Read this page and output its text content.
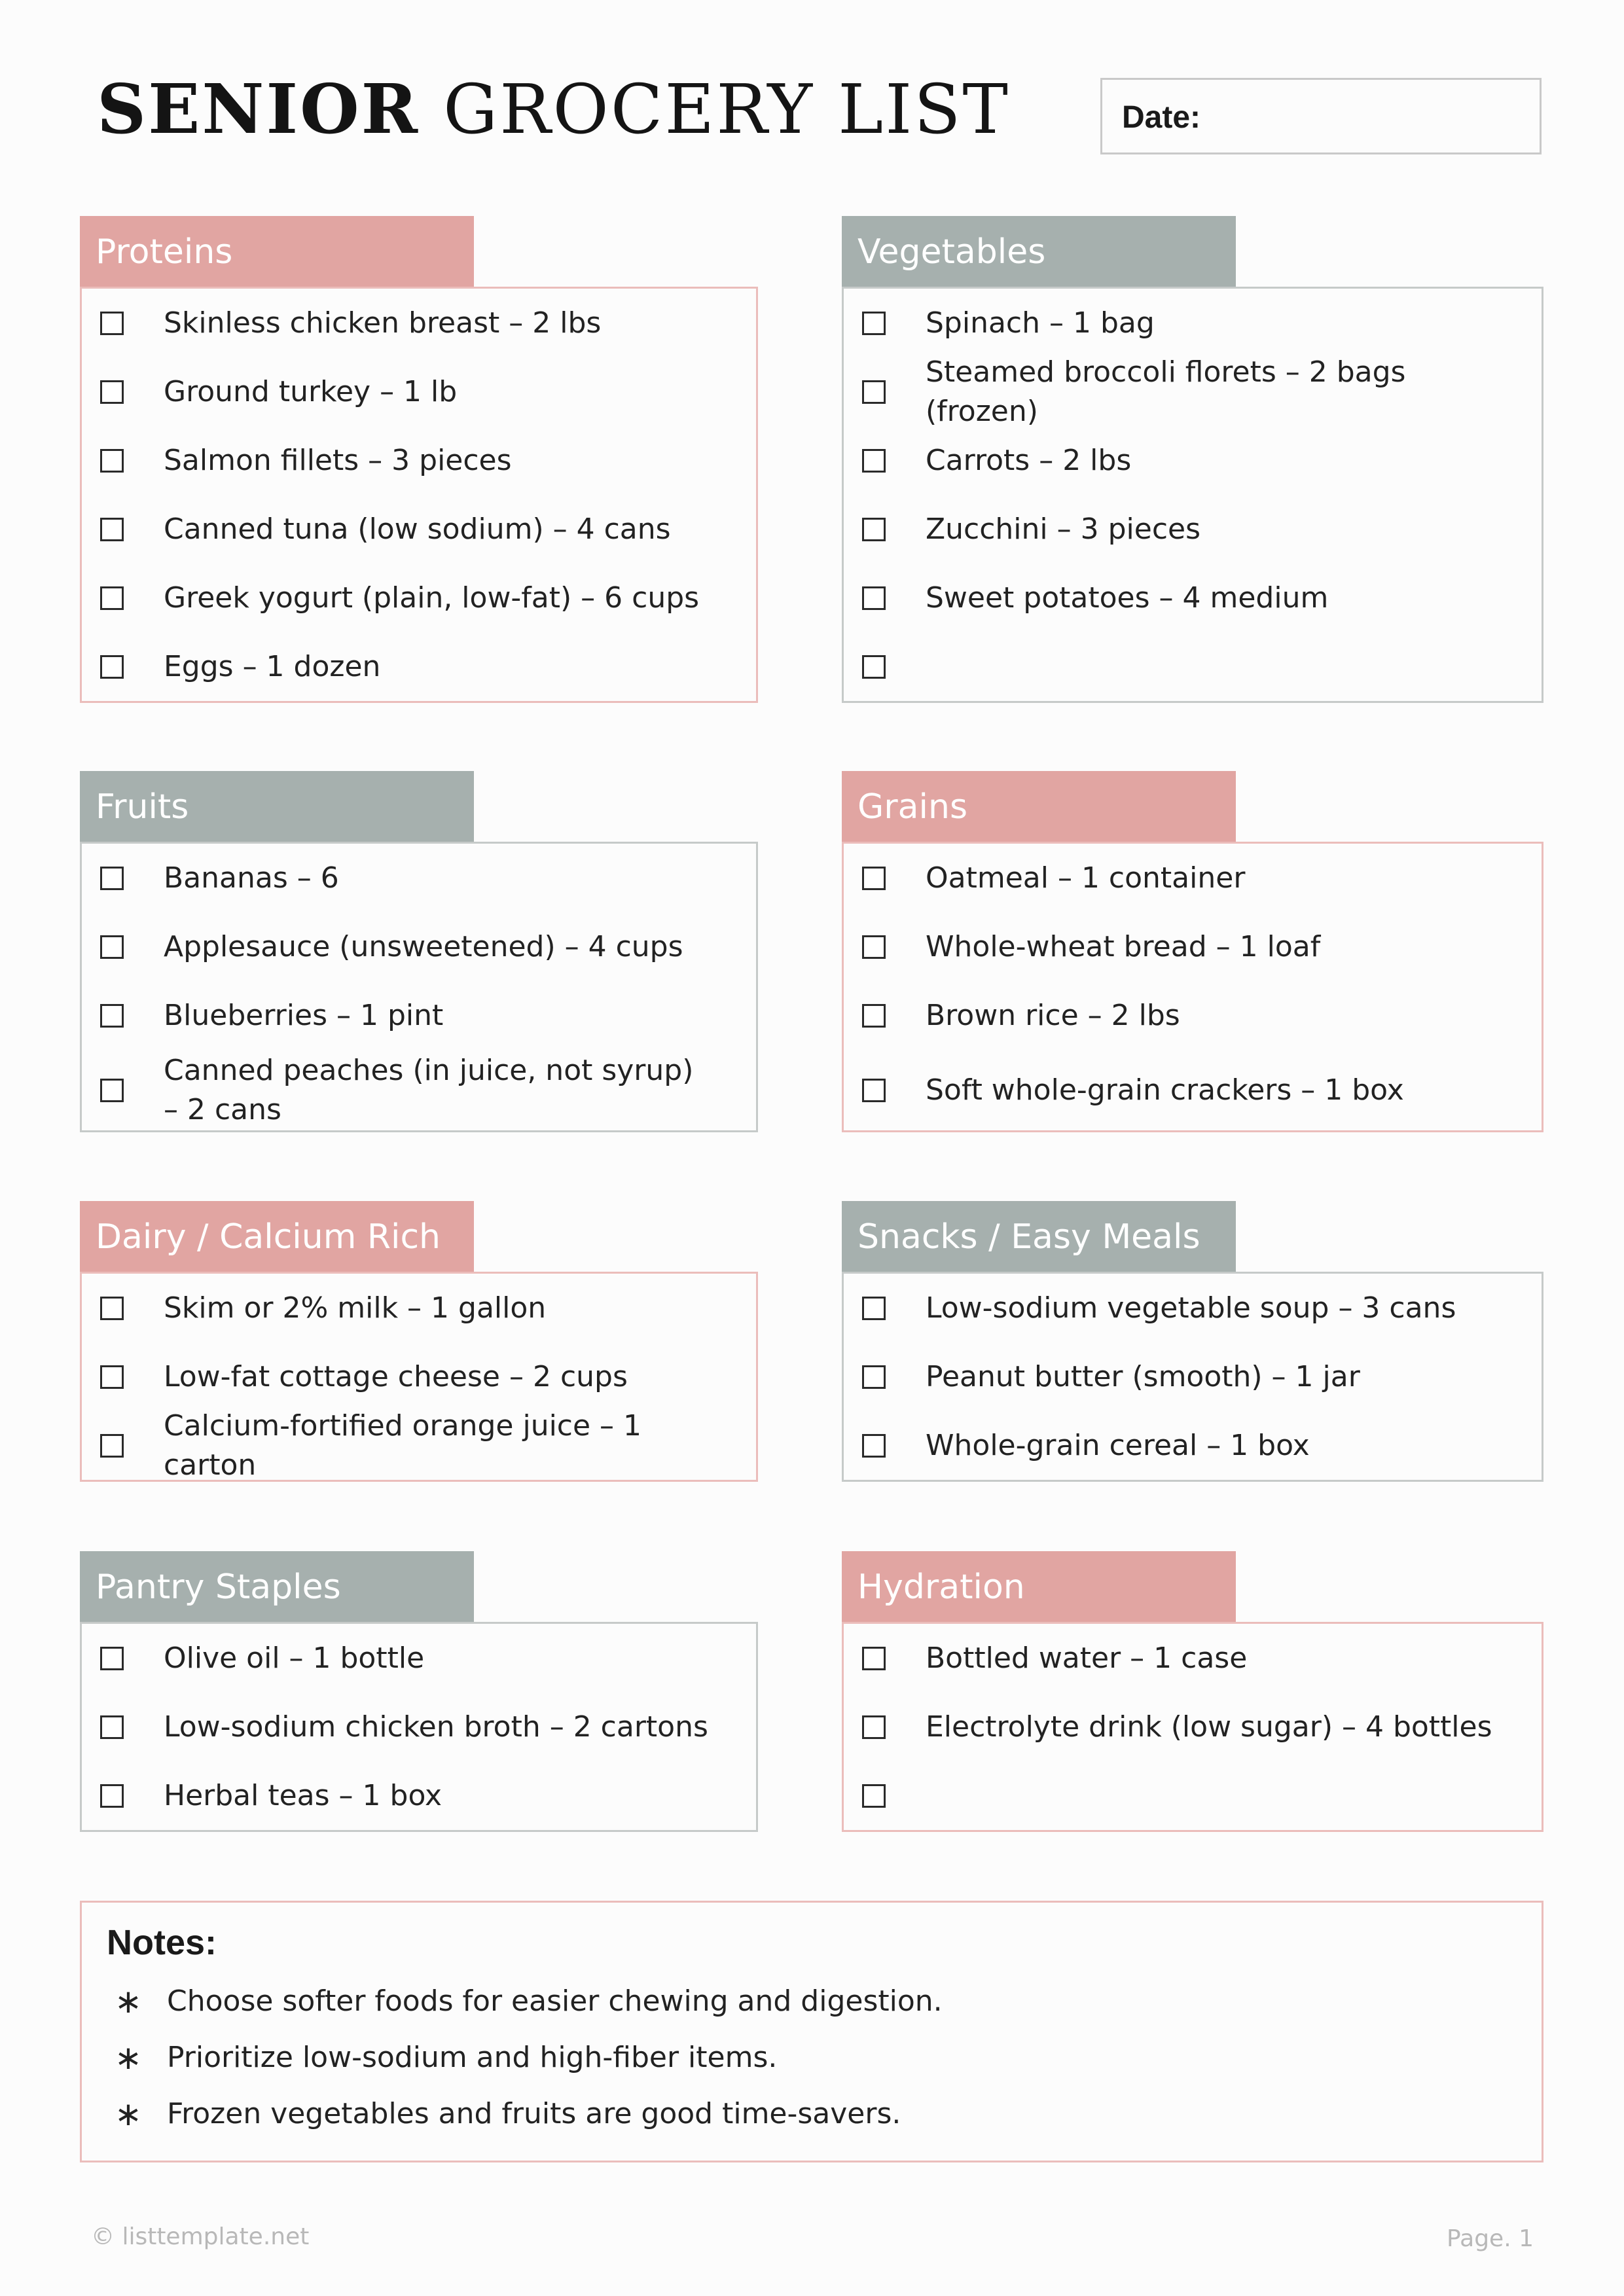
SENIOR GROCERY LIST	Date:
Proteins
Skinless chicken breast – 2 lbs
Ground turkey – 1 lb
Salmon fillets – 3 pieces
Canned tuna (low sodium) – 4 cans
Greek yogurt (plain, low-fat) – 6 cups
Eggs – 1 dozen
Vegetables
Spinach – 1 bag
Steamed broccoli florets – 2 bags (frozen)
Carrots – 2 lbs
Zucchini – 3 pieces
Sweet potatoes – 4 medium
Fruits
Bananas – 6
Applesauce (unsweetened) – 4 cups
Blueberries – 1 pint
Canned peaches (in juice, not syrup) – 2 cans
Grains
Oatmeal – 1 container
Whole-wheat bread – 1 loaf
Brown rice – 2 lbs
Soft whole-grain crackers – 1 box
Dairy / Calcium Rich
Skim or 2% milk – 1 gallon
Low-fat cottage cheese – 2 cups
Calcium-fortified orange juice – 1 carton
Snacks / Easy Meals
Low-sodium vegetable soup – 3 cans
Peanut butter (smooth) – 1 jar
Whole-grain cereal – 1 box
Pantry Staples
Olive oil – 1 bottle
Low-sodium chicken broth – 2 cartons
Herbal teas – 1 box
Hydration
Bottled water – 1 case
Electrolyte drink (low sugar) – 4 bottles
Notes:
∗ Choose softer foods for easier chewing and digestion.
∗ Prioritize low-sodium and high-fiber items.
∗ Frozen vegetables and fruits are good time-savers.
© listtemplate.net	Page. 1
